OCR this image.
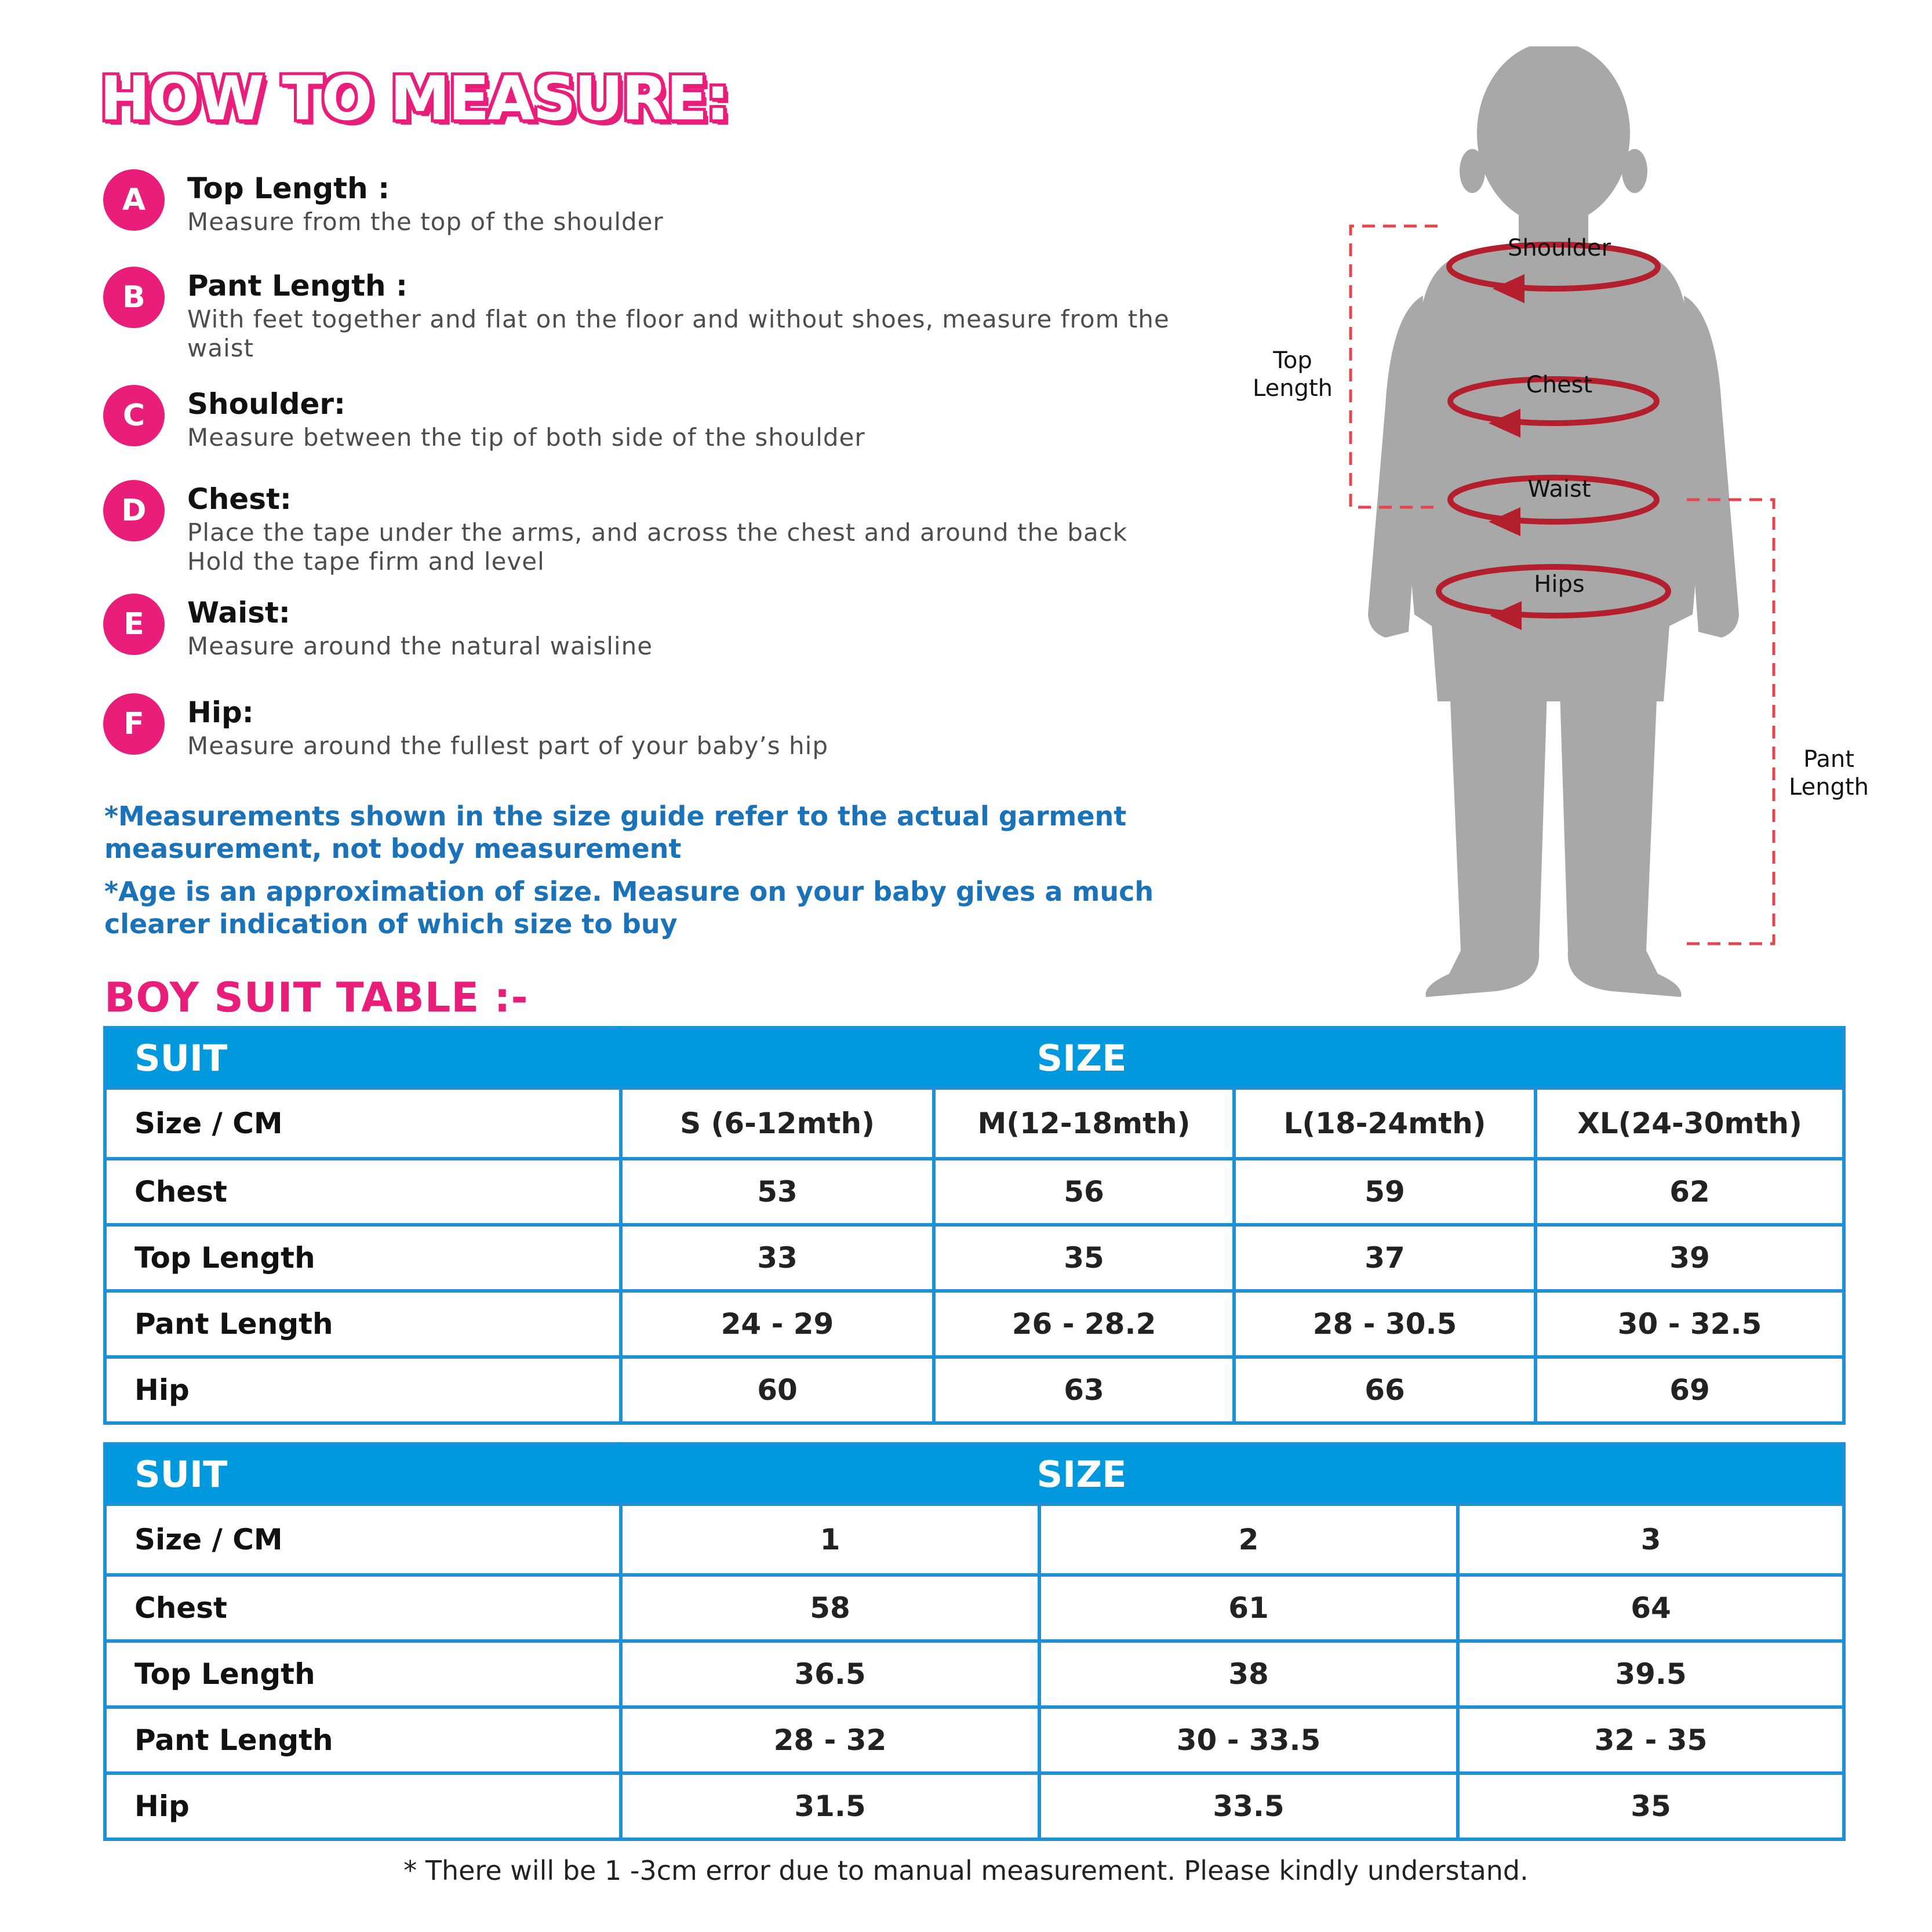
HOW TO MEASURE:
A	Top Length :
Measure from the top of the shoulder
B	Pant Length :
With feet together and flat on the floor and without shoes, measure from the waist
C	Shoulder:
Measure between the tip of both side of the shoulder
D	Chest:
Place the tape under the arms, and across the chest and around the back Hold the tape firm and level
E	Waist:
Measure around the natural waisline
F	Hip:
Measure around the fullest part of your baby’s hip
*Measurements shown in the size guide refer to the actual garment measurement, not body measurement
*Age is an approximation of size. Measure on your baby gives a much clearer indication of which size to buy
Shoulder
Chest
Waist
Hips
Top Length
Pant Length
BOY SUIT TABLE :-
SUIT	SIZE			
Size / CM	S (6-12mth)	M(12-18mth)	L(18-24mth)	XL(24-30mth)
Chest	53	56	59	62
Top Length	33	35	37	39
Pant Length	24 - 29	26 - 28.2	28 - 30.5	30 - 32.5
Hip	60	63	66	69
SUIT	SIZE		
Size / CM	1	2	3
Chest	58	61	64
Top Length	36.5	38	39.5
Pant Length	28 - 32	30 - 33.5	32 - 35
Hip	31.5	33.5	35
* There will be 1 -3cm error due to manual measurement. Please kindly understand.
